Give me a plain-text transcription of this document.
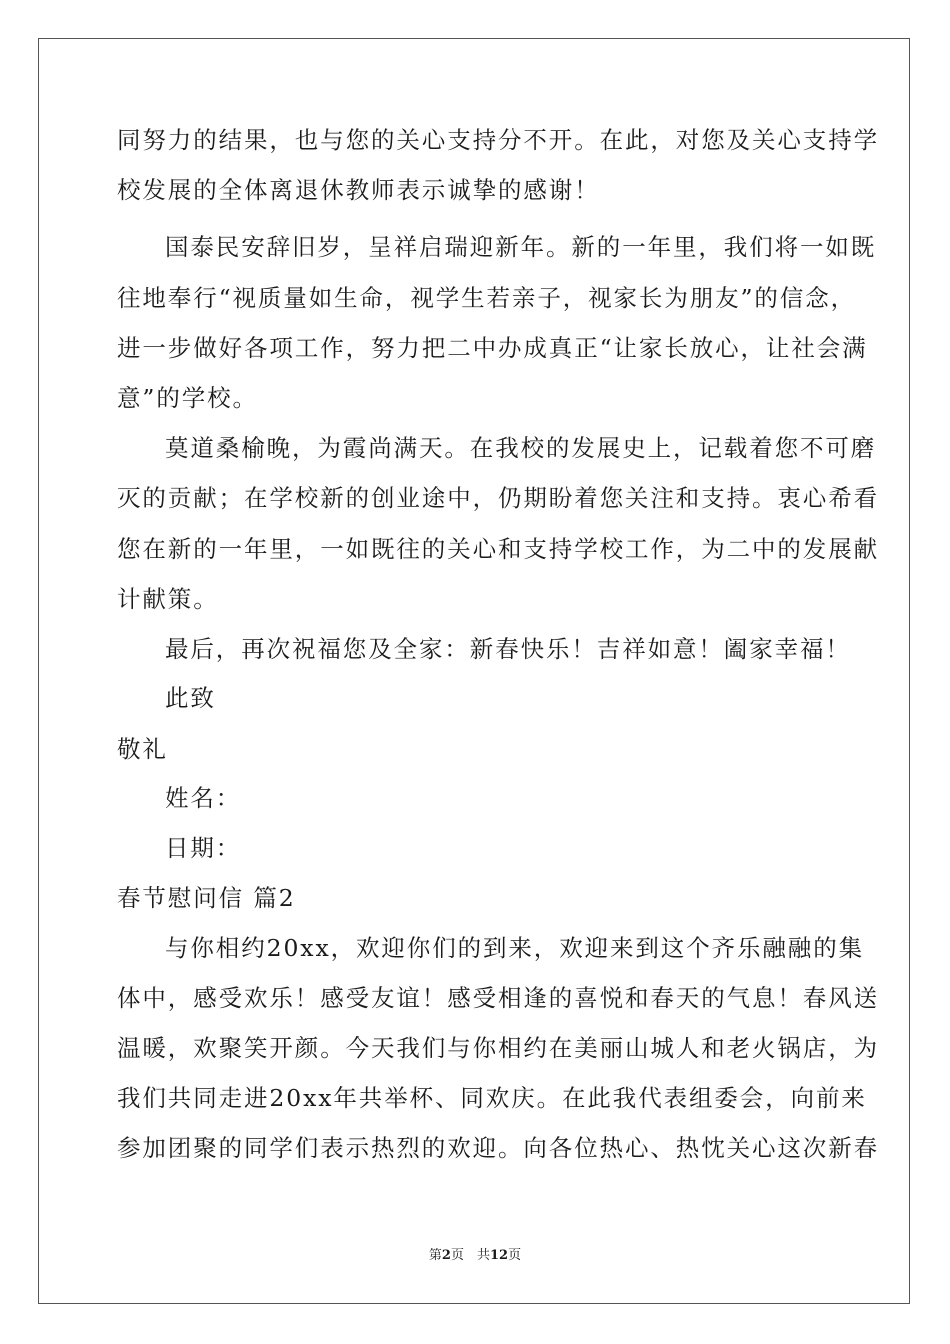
同努力的结果，也与您的关心支持分不开。在此，对您及关心支持学
校发展的全体离退休教师表示诚挚的感谢！
国泰民安辞旧岁，呈祥启瑞迎新年。新的一年里，我们将一如既
往地奉行“视质量如生命，视学生若亲子，视家长为朋友”的信念，
进一步做好各项工作，努力把二中办成真正“让家长放心，让社会满
意”的学校。
莫道桑榆晚，为霞尚满天。在我校的发展史上，记载着您不可磨
灭的贡献；在学校新的创业途中，仍期盼着您关注和支持。衷心希看
您在新的一年里，一如既往的关心和支持学校工作，为二中的发展献
计献策。
最后，再次祝福您及全家：新春快乐！吉祥如意！阖家幸福！
此致
敬礼
姓名：
日期：
春节慰问信 篇2
与你相约20xx，欢迎你们的到来，欢迎来到这个齐乐融融的集
体中，感受欢乐！感受友谊！感受相逢的喜悦和春天的气息！春风送
温暖，欢聚笑开颜。今天我们与你相约在美丽山城人和老火锅店，为
我们共同走进20xx年共举杯、同欢庆。在此我代表组委会，向前来
参加团聚的同学们表示热烈的欢迎。向各位热心、热忱关心这次新春
第2页　共12页
